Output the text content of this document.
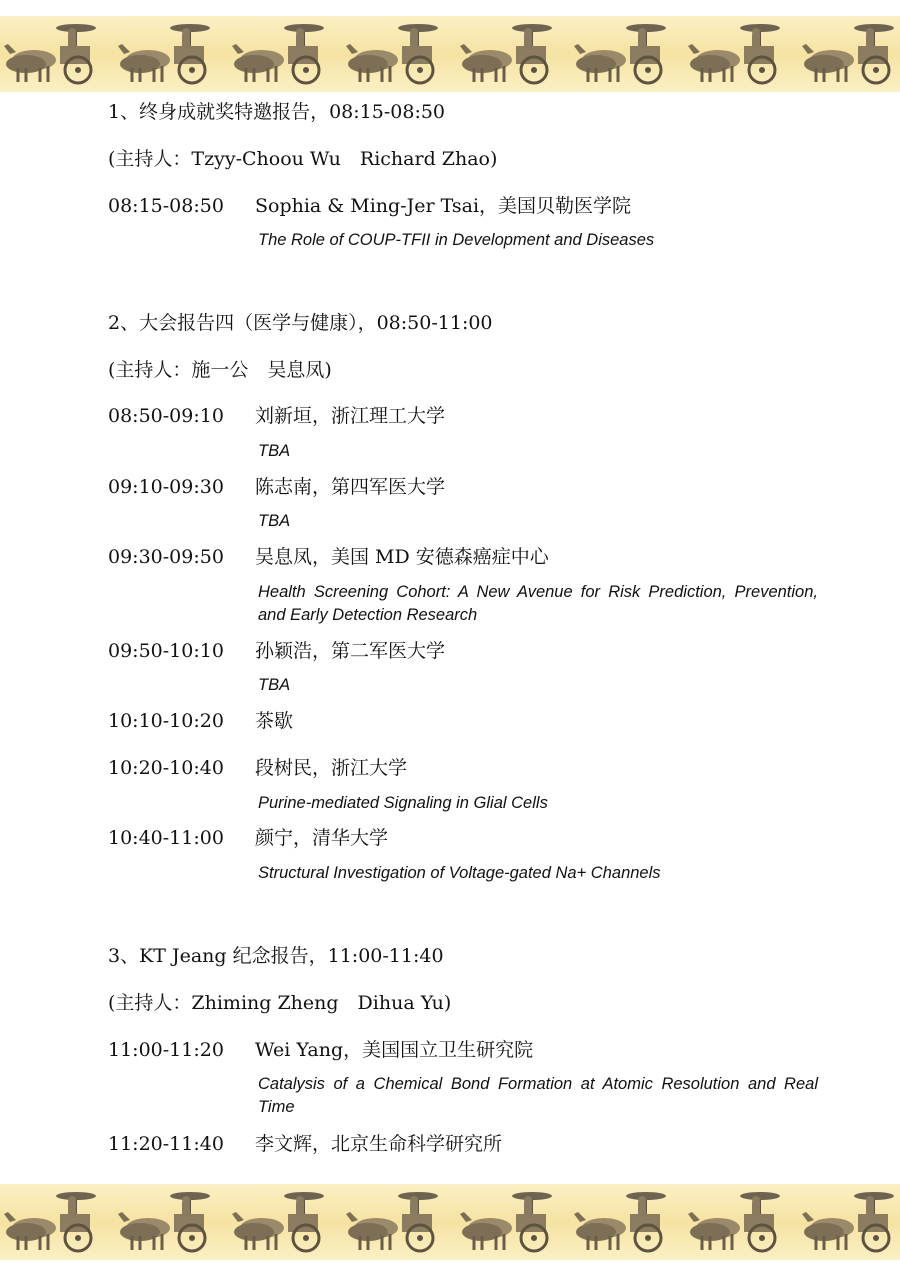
1、终身成就奖特邀报告，08:15-08:50
(主持人：Tzyy-Choou Wu　Richard Zhao)
08:15-08:50 Sophia & Ming-Jer Tsai，美国贝勒医学院
The Role of COUP-TFII in Development and Diseases
2、大会报告四（医学与健康），08:50-11:00
(主持人：施一公　吴息凤)
08:50-09:10 刘新垣，浙江理工大学
TBA
09:10-09:30 陈志南，第四军医大学
TBA
09:30-09:50 吴息凤，美国 MD 安德森癌症中心
Health Screening Cohort: A New Avenue for Risk Prediction, Prevention, and Early Detection Research
09:50-10:10 孙颖浩，第二军医大学
TBA
10:10-10:20 茶歇
10:20-10:40 段树民，浙江大学
Purine-mediated Signaling in Glial Cells
10:40-11:00 颜宁，清华大学
Structural Investigation of Voltage-gated Na+ Channels
3、KT Jeang 纪念报告，11:00-11:40
(主持人：Zhiming Zheng　Dihua Yu)
11:00-11:20 Wei Yang，美国国立卫生研究院
Catalysis of a Chemical Bond Formation at Atomic Resolution and Real Time
11:20-11:40 李文辉，北京生命科学研究所
